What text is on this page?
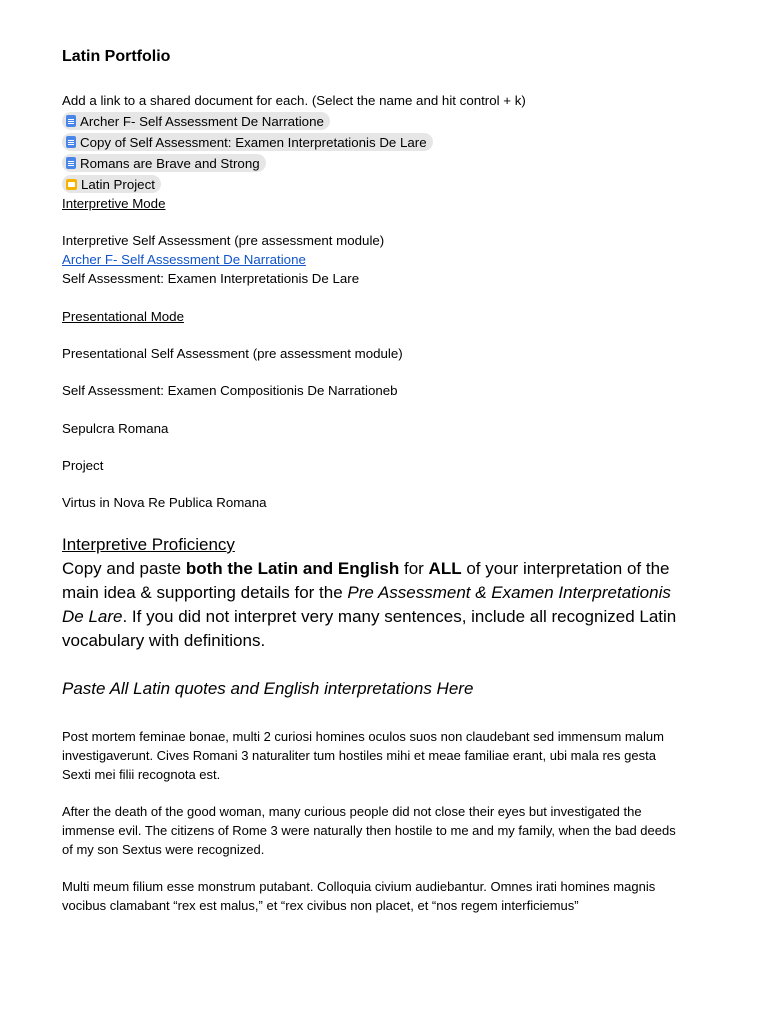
Latin Portfolio
Add a link to a shared document for each. (Select the name and hit control + k)
Archer F- Self Assessment De Narratione
Copy of Self Assessment: Examen Interpretationis De Lare
Romans are Brave and Strong
Latin Project
Interpretive Mode
Interpretive Self Assessment (pre assessment module)
Archer F- Self Assessment De Narratione
Self Assessment: Examen Interpretationis De Lare
Presentational Mode
Presentational Self Assessment (pre assessment module)
Self Assessment: Examen Compositionis De Narrationeb
Sepulcra Romana
Project
Virtus in Nova Re Publica Romana
Interpretive Proficiency
Copy and paste both the Latin and English for ALL of your interpretation of the main idea & supporting details for the Pre Assessment & Examen Interpretationis De Lare. If you did not interpret very many sentences, include all recognized Latin vocabulary with definitions.
Paste All Latin quotes and English interpretations Here
Post mortem feminae bonae, multi 2 curiosi homines oculos suos non claudebant sed immensum malum investigaverunt. Cives Romani 3 naturaliter tum hostiles mihi et meae familiae erant, ubi mala res gesta Sexti mei filii recognota est.
After the death of the good woman, many curious people did not close their eyes but investigated the immense evil. The citizens of Rome 3 were naturally then hostile to me and my family, when the bad deeds of my son Sextus were recognized.
Multi meum filium esse monstrum putabant. Colloquia civium audiebantur. Omnes irati homines magnis vocibus clamabant “rex est malus,” et “rex civibus non placet, et “nos regem interficiemus”
